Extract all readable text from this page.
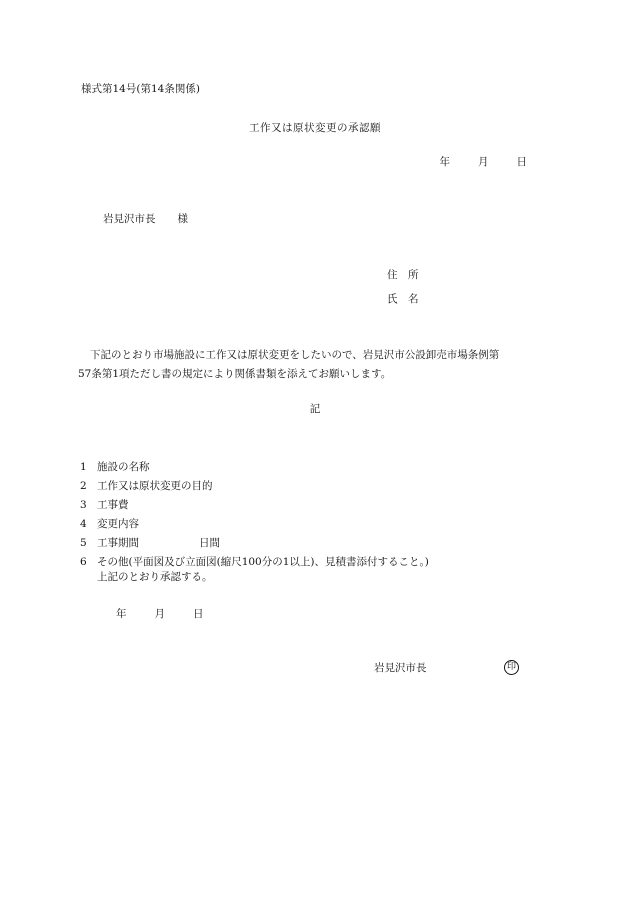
様式第14号(第14条関係)
工作又は原状変更の承認願
年	月	日
岩見沢市長 様
住　所
氏　名
下記のとおり市場施設に工作又は原状変更をしたいので、岩見沢市公設卸売市場条例第
57条第1項ただし書の規定により関係書類を添えてお願いします。
記
1 施設の名称
2 工作又は原状変更の目的
3 工事費
4 変更内容
5 工事期間	日間
6 その他(平面図及び立面図(縮尺100分の1以上)、見積書添付すること。)
上記のとおり承認する。
年	月	日
岩見沢市長	印
